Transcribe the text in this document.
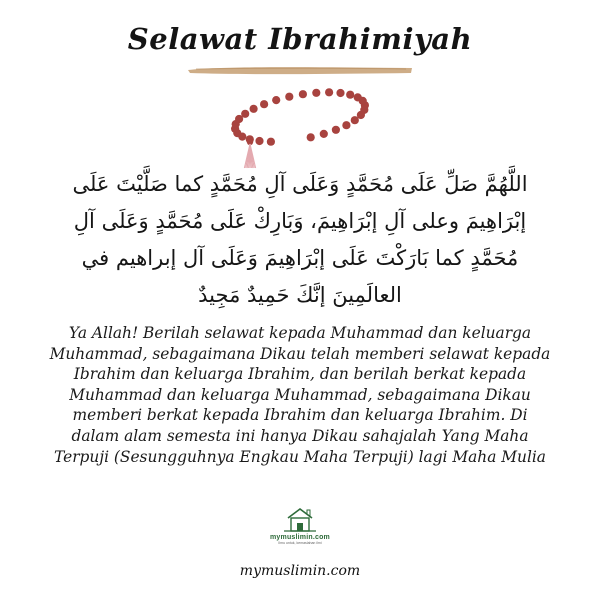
Selawat Ibrahimiyah
اللَّهُمَّ صَلِّ عَلَى مُحَمَّدٍ وَعَلَى آلِ مُحَمَّدٍ كما صَلَّيْتَ عَلَى
إبْرَاهِيمَ وعلى آلِ إبْرَاهِيمَ، وَبَارِكْ عَلَى مُحَمَّدٍ وَعَلَى آلِ
مُحَمَّدٍ كما بَارَكْتَ عَلَى إبْرَاهِيمَ وَعَلَى آل إبراهيم في
العالَمِينَ إنَّكَ حَمِيدٌ مَجِيدٌ
Ya Allah! Berilah selawat kepada Muhammad dan keluarga
Muhammad, sebagaimana Dikau telah memberi selawat kepada
Ibrahim dan keluarga Ibrahim, dan berilah berkat kepada
Muhammad dan keluarga Muhammad, sebagaimana Dikau
memberi berkat kepada Ibrahim dan keluarga Ibrahim. Di
dalam alam semesta ini hanya Dikau sahajalah Yang Maha
Terpuji (Sesungguhnya Engkau Maha Terpuji) lagi Maha Mulia
mymuslimin.com
Ilmu untuk, kemaslahan ilmi
mymuslimin.com
